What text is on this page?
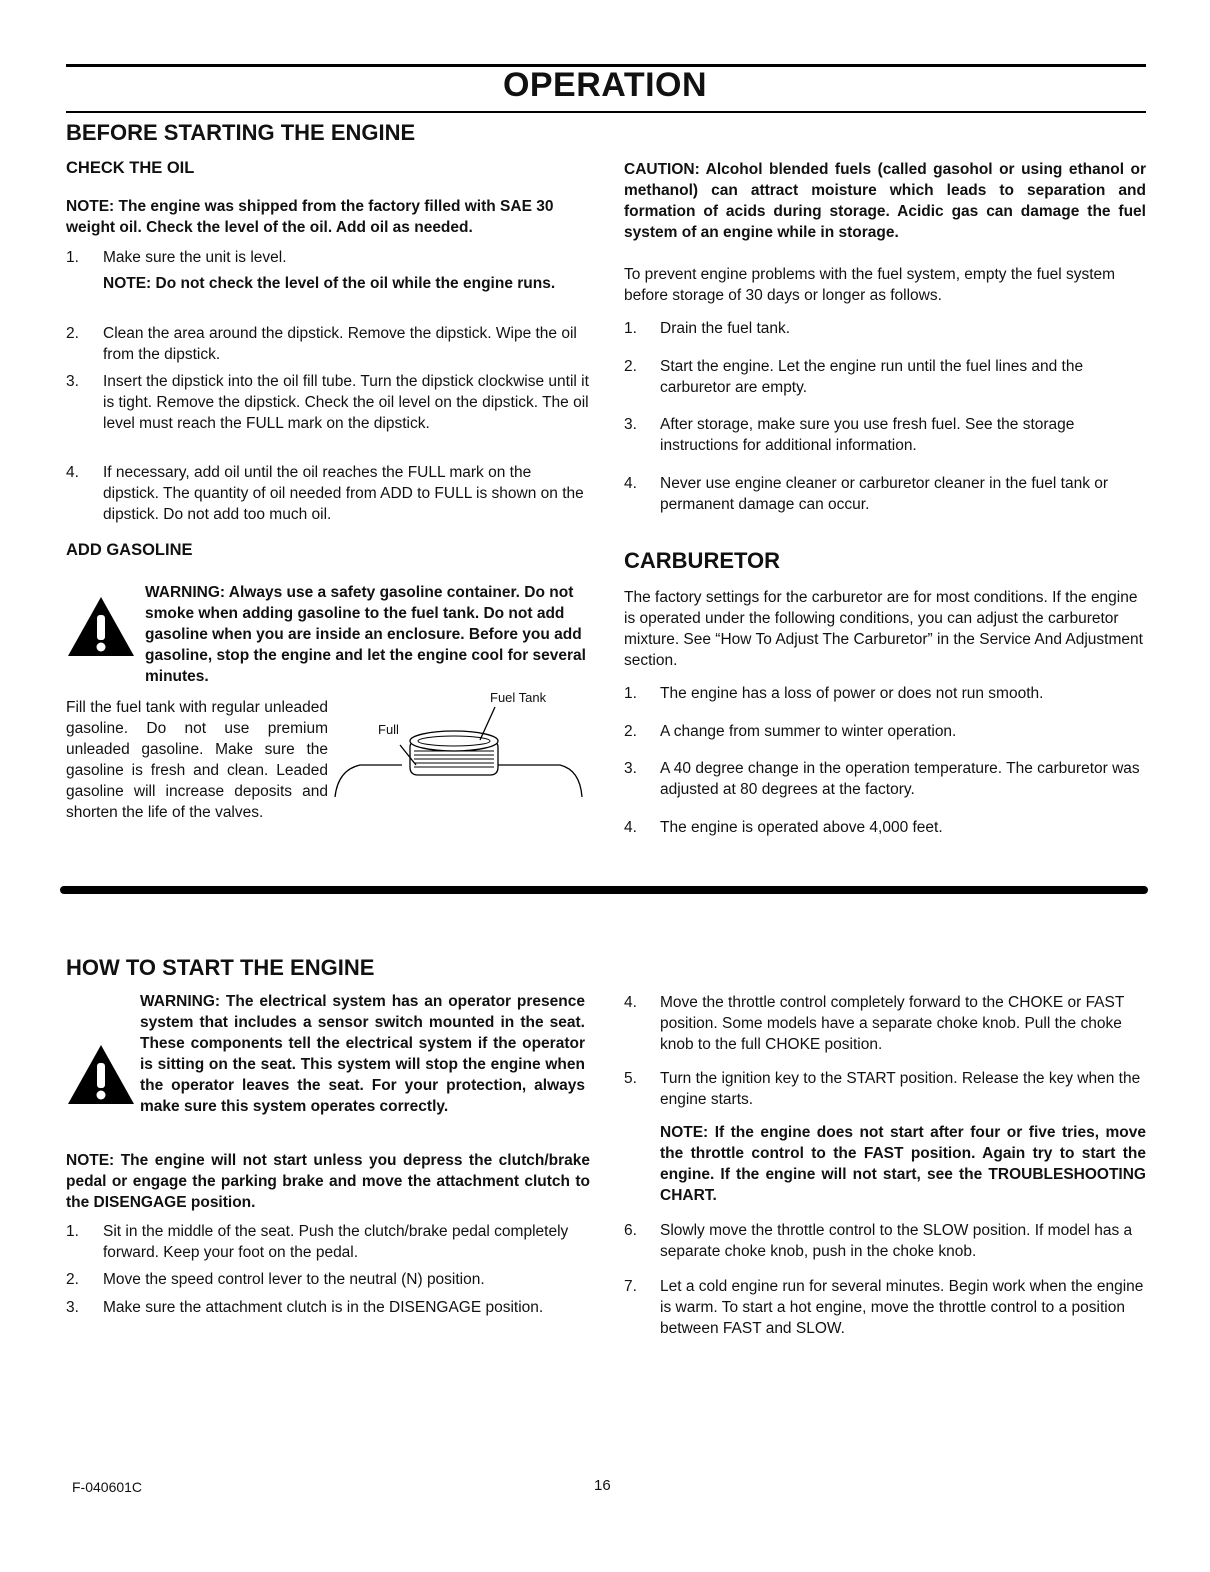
OPERATION
BEFORE STARTING THE ENGINE
CHECK THE OIL
NOTE: The engine was shipped from the factory filled with SAE 30 weight oil. Check the level of the oil. Add oil as needed.
1. Make sure the unit is level.
NOTE: Do not check the level of the oil while the engine runs.
2. Clean the area around the dipstick. Remove the dipstick. Wipe the oil from the dipstick.
3. Insert the dipstick into the oil fill tube. Turn the dipstick clockwise until it is tight. Remove the dipstick. Check the oil level on the dipstick. The oil level must reach the FULL mark on the dipstick.
4. If necessary, add oil until the oil reaches the FULL mark on the dipstick. The quantity of oil needed from ADD to FULL is shown on the dipstick. Do not add too much oil.
ADD GASOLINE
WARNING: Always use a safety gasoline container. Do not smoke when adding gasoline to the fuel tank. Do not add gasoline when you are inside an enclosure. Before you add gasoline, stop the engine and let the engine cool for several minutes.
Fill the fuel tank with regular unleaded gasoline. Do not use premium unleaded gasoline. Make sure the gasoline is fresh and clean. Leaded gasoline will increase deposits and shorten the life of the valves.
Fuel Tank
Full
CAUTION: Alcohol blended fuels (called gasohol or using ethanol or methanol) can attract moisture which leads to separation and formation of acids during storage. Acidic gas can damage the fuel system of an engine while in storage.
To prevent engine problems with the fuel system, empty the fuel system before storage of 30 days or longer as follows.
1. Drain the fuel tank.
2. Start the engine. Let the engine run until the fuel lines and the carburetor are empty.
3. After storage, make sure you use fresh fuel. See the storage instructions for additional information.
4. Never use engine cleaner or carburetor cleaner in the fuel tank or permanent damage can occur.
CARBURETOR
The factory settings for the carburetor are for most conditions. If the engine is operated under the following conditions, you can adjust the carburetor mixture. See “How To Adjust The Carburetor” in the Service And Adjustment section.
1. The engine has a loss of power or does not run smooth.
2. A change from summer to winter operation.
3. A 40 degree change in the operation temperature. The carburetor was adjusted at 80 degrees at the factory.
4. The engine is operated above 4,000 feet.
HOW TO START THE ENGINE
WARNING: The electrical system has an operator presence system that includes a sensor switch mounted in the seat. These components tell the electrical system if the operator is sitting on the seat. This system will stop the engine when the operator leaves the seat. For your protection, always make sure this system operates correctly.
NOTE: The engine will not start unless you depress the clutch/brake pedal or engage the parking brake and move the attachment clutch to the DISENGAGE position.
1. Sit in the middle of the seat. Push the clutch/brake pedal completely forward. Keep your foot on the pedal.
2. Move the speed control lever to the neutral (N) position.
3. Make sure the attachment clutch is in the DISENGAGE position.
4. Move the throttle control completely forward to the CHOKE or FAST position. Some models have a separate choke knob. Pull the choke knob to the full CHOKE position.
5. Turn the ignition key to the START position. Release the key when the engine starts.
NOTE: If the engine does not start after four or five tries, move the throttle control to the FAST position. Again try to start the engine. If the engine will not start, see the TROUBLESHOOTING CHART.
6. Slowly move the throttle control to the SLOW position. If model has a separate choke knob, push in the choke knob.
7. Let a cold engine run for several minutes. Begin work when the engine is warm. To start a hot engine, move the throttle control to a position between FAST and SLOW.
F-040601C	16
